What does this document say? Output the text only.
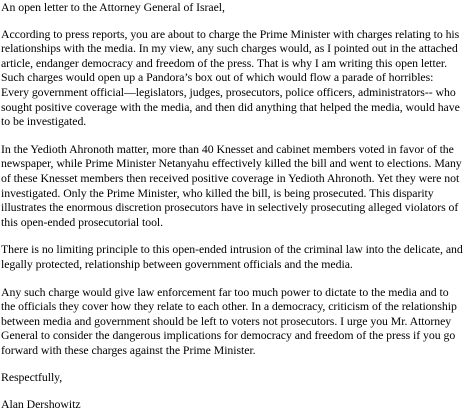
An open letter to the Attorney General of Israel,

According to press reports, you are about to charge the Prime Minister with charges relating to his relationships with the media. In my view, any such charges would, as I pointed out in the attached article, endanger democracy and freedom of the press. That is why I am writing this open letter. Such charges would open up a Pandora’s box out of which would flow a parade of horribles: Every government official—legislators, judges, prosecutors, police officers, administrators-- who sought positive coverage with the media, and then did anything that helped the media, would have to be investigated.

In the Yedioth Ahronoth matter, more than 40 Knesset and cabinet members voted in favor of the newspaper, while Prime Minister Netanyahu effectively killed the bill and went to elections. Many of these Knesset members then received positive coverage in Yedioth Ahronoth. Yet they were not investigated. Only the Prime Minister, who killed the bill, is being prosecuted. This disparity illustrates the enormous discretion prosecutors have in selectively prosecuting alleged violators of this open-ended prosecutorial tool.

There is no limiting principle to this open-ended intrusion of the criminal law into the delicate, and legally protected, relationship between government officials and the media.

Any such charge would give law enforcement far too much power to dictate to the media and to the officials they cover how they relate to each other. In a democracy, criticism of the relationship between media and government should be left to voters not prosecutors. I urge you Mr. Attorney General to consider the dangerous implications for democracy and freedom of the press if you go forward with these charges against the Prime Minister.

Respectfully,

Alan Dershowitz
